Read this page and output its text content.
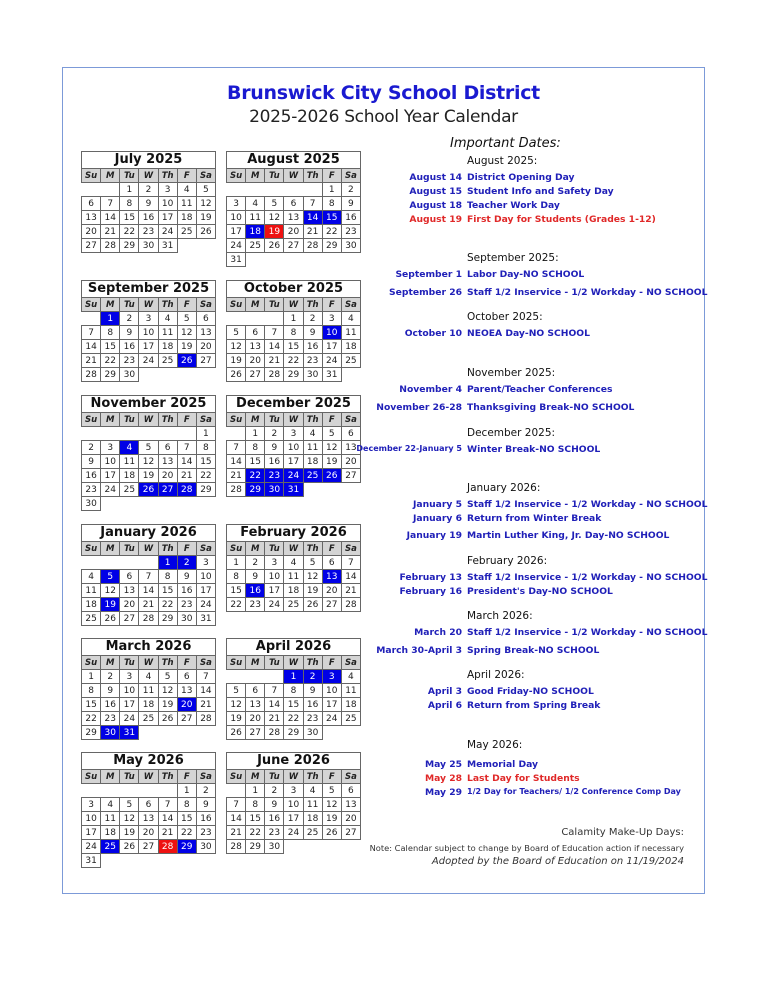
Brunswick City School District
2025-2026 School Year Calendar
July 2025						
Su	M	Tu	W	Th	F	Sa
		1	2	3	4	5
6	7	8	9	10	11	12
13	14	15	16	17	18	19
20	21	22	23	24	25	26
27	28	29	30	31		
August 2025						
Su	M	Tu	W	Th	F	Sa
					1	2
3	4	5	6	7	8	9
10	11	12	13	14	15	16
17	18	19	20	21	22	23
24	25	26	27	28	29	30
31						
September 2025						
Su	M	Tu	W	Th	F	Sa
	1	2	3	4	5	6
7	8	9	10	11	12	13
14	15	16	17	18	19	20
21	22	23	24	25	26	27
28	29	30				
October 2025						
Su	M	Tu	W	Th	F	Sa
			1	2	3	4
5	6	7	8	9	10	11
12	13	14	15	16	17	18
19	20	21	22	23	24	25
26	27	28	29	30	31	
November 2025						
Su	M	Tu	W	Th	F	Sa
						1
2	3	4	5	6	7	8
9	10	11	12	13	14	15
16	17	18	19	20	21	22
23	24	25	26	27	28	29
30						
December 2025						
Su	M	Tu	W	Th	F	Sa
	1	2	3	4	5	6
7	8	9	10	11	12	13
14	15	16	17	18	19	20
21	22	23	24	25	26	27
28	29	30	31			
January 2026						
Su	M	Tu	W	Th	F	Sa
				1	2	3
4	5	6	7	8	9	10
11	12	13	14	15	16	17
18	19	20	21	22	23	24
25	26	27	28	29	30	31
February 2026						
Su	M	Tu	W	Th	F	Sa
1	2	3	4	5	6	7
8	9	10	11	12	13	14
15	16	17	18	19	20	21
22	23	24	25	26	27	28
March 2026						
Su	M	Tu	W	Th	F	Sa
1	2	3	4	5	6	7
8	9	10	11	12	13	14
15	16	17	18	19	20	21
22	23	24	25	26	27	28
29	30	31				
April 2026						
Su	M	Tu	W	Th	F	Sa
			1	2	3	4
5	6	7	8	9	10	11
12	13	14	15	16	17	18
19	20	21	22	23	24	25
26	27	28	29	30		
May 2026						
Su	M	Tu	W	Th	F	Sa
					1	2
3	4	5	6	7	8	9
10	11	12	13	14	15	16
17	18	19	20	21	22	23
24	25	26	27	28	29	30
31						
June 2026						
Su	M	Tu	W	Th	F	Sa
	1	2	3	4	5	6
7	8	9	10	11	12	13
14	15	16	17	18	19	20
21	22	23	24	25	26	27
28	29	30				
Important Dates:
August 2025:
August 14 District Opening Day
August 15 Student Info and Safety Day
August 18 Teacher Work Day
August 19 First Day for Students (Grades 1-12)
September 2025:
September 1 Labor Day-NO SCHOOL
September 26 Staff 1/2 Inservice - 1/2 Workday - NO SCHOOL
October 2025:
October 10 NEOEA Day-NO SCHOOL
November 2025:
November 4 Parent/Teacher Conferences
November 26-28 Thanksgiving Break-NO SCHOOL
December 2025:
December 22-January 5 Winter Break-NO SCHOOL
January 2026:
January 5 Staff 1/2 Inservice - 1/2 Workday - NO SCHOOL
January 6 Return from Winter Break
January 19 Martin Luther King, Jr. Day-NO SCHOOL
February 2026:
February 13 Staff 1/2 Inservice - 1/2 Workday - NO SCHOOL
February 16 President's Day-NO SCHOOL
March 2026:
March 20 Staff 1/2 Inservice - 1/2 Workday - NO SCHOOL
March 30-April 3 Spring Break-NO SCHOOL
April 2026:
April 3 Good Friday-NO SCHOOL
April 6 Return from Spring Break
May 2026:
May 25 Memorial Day
May 28 Last Day for Students
May 29 1/2 Day for Teachers/ 1/2 Conference Comp Day
Calamity Make-Up Days:
Note: Calendar subject to change by Board of Education action if necessary
Adopted by the Board of Education on 11/19/2024
